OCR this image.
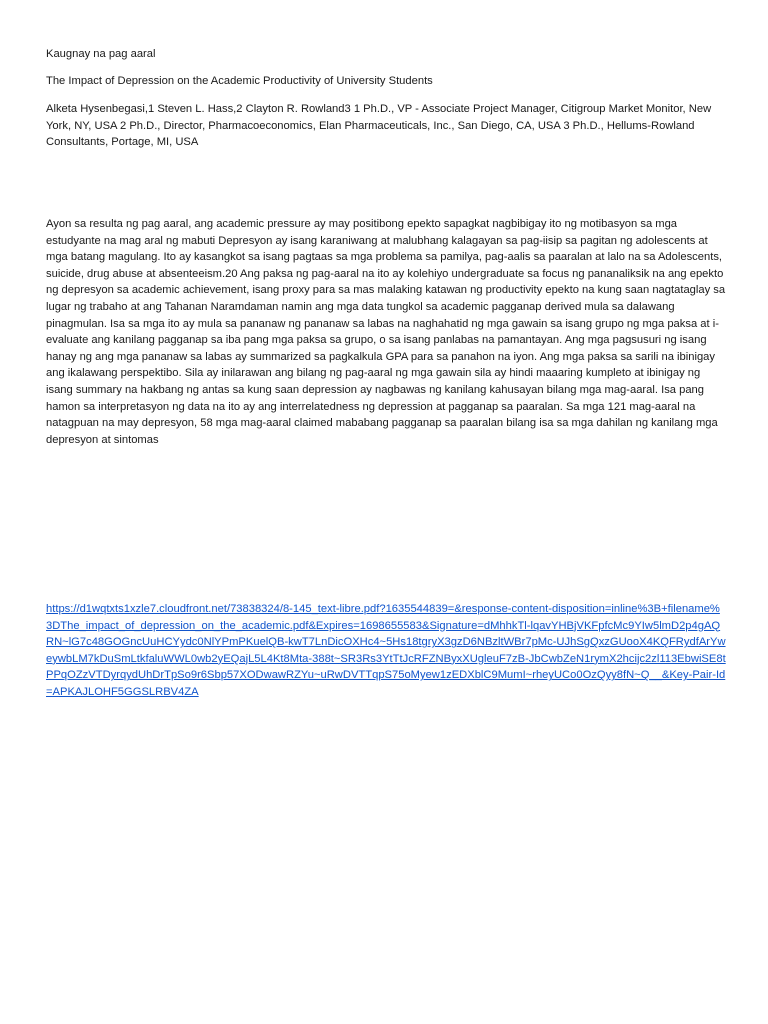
Kaugnay na pag aaral

The Impact of Depression on the Academic Productivity of University Students

Alketa Hysenbegasi,1 Steven L. Hass,2 Clayton R. Rowland3 1 Ph.D., VP - Associate Project Manager, Citigroup Market Monitor, New York, NY, USA 2 Ph.D., Director, Pharmacoeconomics, Elan Pharmaceuticals, Inc., San Diego, CA, USA 3 Ph.D., Hellums-Rowland Consultants, Portage, MI, USA

Ayon sa resulta ng pag aaral, ang academic pressure ay may positibong epekto sapagkat nagbibigay ito ng motibasyon sa mga estudyante na mag aral ng mabuti Depresyon ay isang karaniwang at malubhang kalagayan sa pag-iisip sa pagitan ng adolescents at mga batang magulang. Ito ay kasangkot sa isang pagtaas sa mga problema sa pamilya, pag-aalis sa paaralan at lalo na sa Adolescents, suicide, drug abuse at absenteeism.20 Ang paksa ng pag-aaral na ito ay kolehiyo undergraduate sa focus ng pananaliksik na ang epekto ng depresyon sa academic achievement, isang proxy para sa mas malaking katawan ng productivity epekto na kung saan nagtataglay sa lugar ng trabaho at ang Tahanan Naramdaman namin ang mga data tungkol sa academic pagganap derived mula sa dalawang pinagmulan. Isa sa mga ito ay mula sa pananaw ng pananaw sa labas na naghahatid ng mga gawain sa isang grupo ng mga paksa at i-evaluate ang kanilang pagganap sa iba pang mga paksa sa grupo, o sa isang panlabas na pamantayan. Ang mga pagsusuri ng isang hanay ng ang mga pananaw sa labas ay summarized sa pagkalkula GPA para sa panahon na iyon. Ang mga paksa sa sarili na ibinigay ang ikalawang perspektibo. Sila ay inilarawan ang bilang ng pag-aaral ng mga gawain sila ay hindi maaaring kumpleto at ibinigay ng isang summary na hakbang ng antas sa kung saan depression ay nagbawas ng kanilang kahusayan bilang mga mag-aaral. Isa pang hamon sa interpretasyon ng data na ito ay ang interrelatedness ng depression at pagganap sa paaralan. Sa mga 121 mag-aaral na natagpuan na may depresyon, 58 mga mag-aaral claimed mababang pagganap sa paaralan bilang isa sa mga dahilan ng kanilang mga depresyon at sintomas

https://d1wqtxts1xzle7.cloudfront.net/73838324/8-145_text-libre.pdf?1635544839=&response-content-disposition=inline%3B+filename%3DThe_impact_of_depression_on_the_academic.pdf&Expires=1698655583&Signature=dMhhkTl-lqavYHBjVKFpfcMc9YIw5lmD2p4gAQRN~lG7c48GOGncUuHCYydc0NlYPmPKuelQB-kwT7LnDicOXHc4~5Hs18tgryX3gzD6NBzltWBr7pMc-UJhSgQxzGUooX4KQFRydfArYweywbLM7kDuSmLtkfaluWWL0wb2yEQajL5L4Kt8Mta-388t~SR3Rs3YtTtJcRFZNByxXUgleuF7zB-JbCwbZeN1rymX2hcijc2zl113EbwiSE8tPPqOZzVTDyrqydUhDrTpSo9r6Sbp57XODwawRZYu~uRwDVTTqpS75oMyew1zEDXblC9MumI~rheyUCo0OzQyy8fN~Q__&Key-Pair-Id=APKAJLOHF5GGSLRBV4ZA
